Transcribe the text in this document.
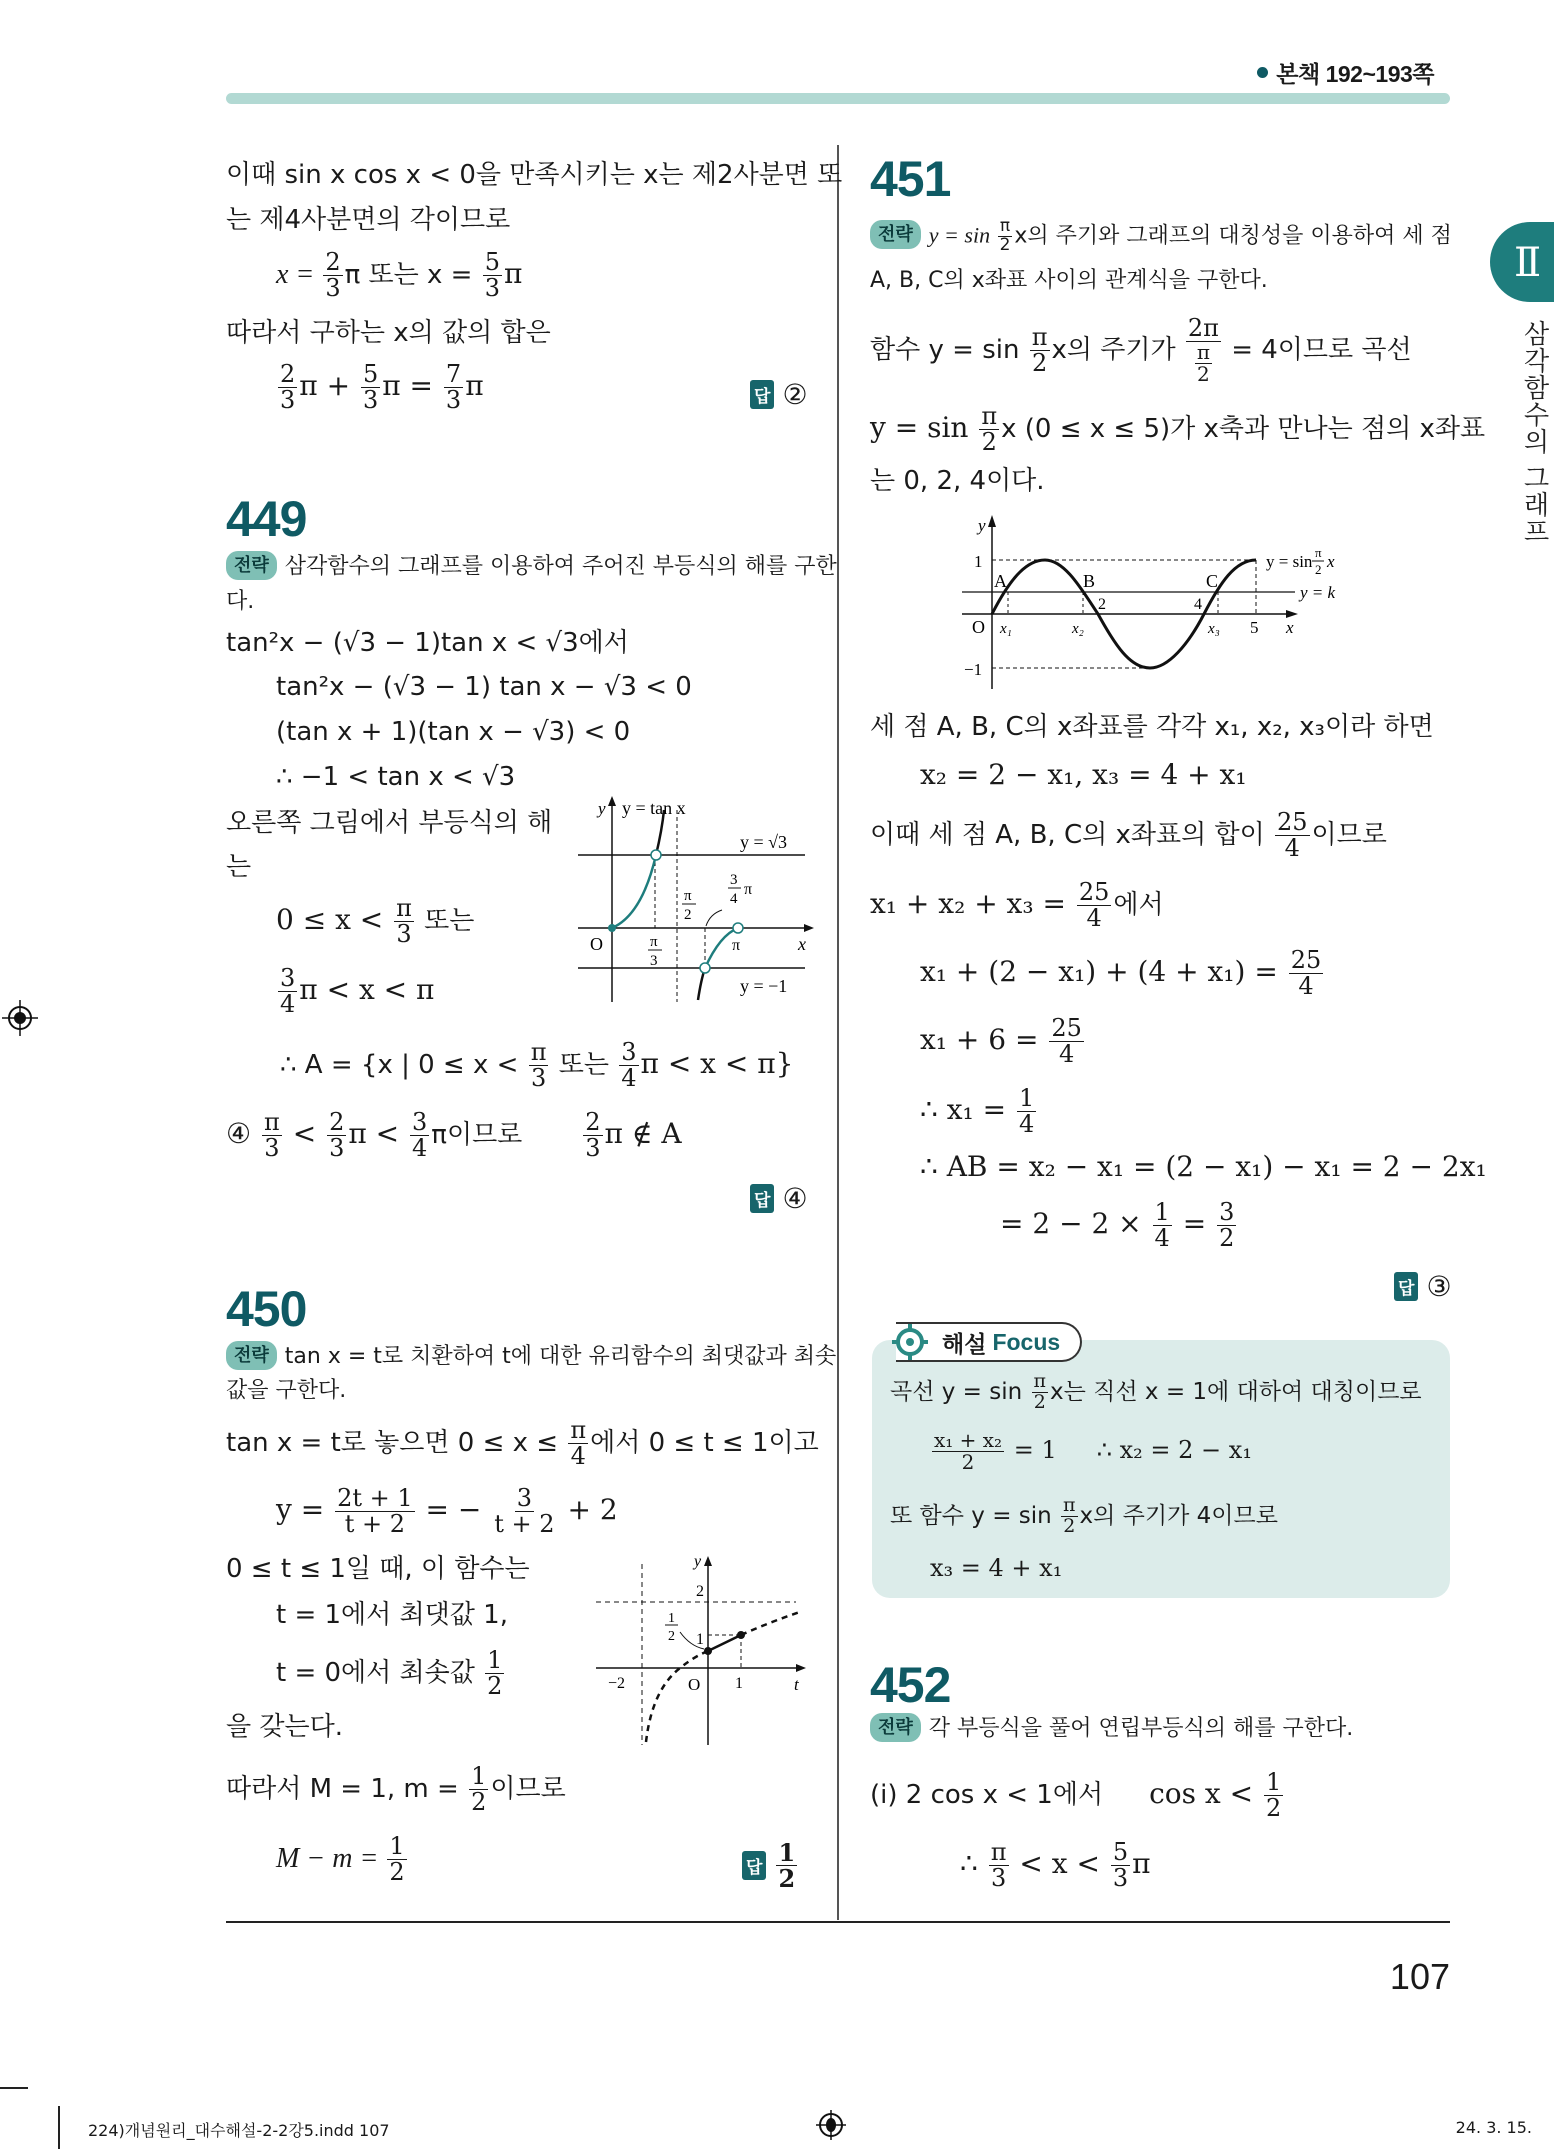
본책 192~193쪽
Ⅱ
삼각함수의 그래프
이때 sin x cos x < 0을 만족시키는 x는 제2사분면 또
는 제4사분면의 각이므로
$x = \frac{2}{3}$ π 또는 $x = \frac{5}{3}$ π
따라서 구하는 x의 값의 합은
$\frac{2}{3}$ $\pi + \frac{5}{3}$ $\pi = \frac{7}{3}$ π	답 ②
449
전략 삼각함수의 그래프를 이용하여 주어진 부등식의 해를 구한
다.
tan²x − (√3 − 1)tan x < √3에서
tan²x − (√3 − 1) tan x − √3 < 0
(tan x + 1)(tan x − √3) < 0
∴ −1 < tan x < √3
오른쪽 그림에서 부등식의 해
는
$0 \le x < \frac{\pi}{3}$ 또는
$\frac{3}{4}$ π < x < π
y y = tan x
y = √3
y = −1
O	x
π
3
π
2
3
4
π
π
∴ A = {x | $0 \le x < \frac{\pi}{3}$ 또는 $\frac{3}{4}$ π < x < π}
④ $\frac{\pi}{3} < \frac{2}{3}$ $\pi < \frac{3}{4}$ π이므로	$\frac{2}{3}$ π ∉ A
답 ④
450
전략 tan x = t로 치환하여 t에 대한 유리함수의 최댓값과 최솟
값을 구한다.
tan x = t로 놓으면 $0 \le x \le \frac{\pi}{4}$ 에서 0 ≤ t ≤ 1이고
$y = \frac{2t + 1}{t + 2}$ = − $\frac{3}{t + 2} + 2$
0 ≤ t ≤ 1일 때, 이 함수는
t = 1에서 최댓값 1,
t = 0에서 최솟값 $\frac{1}{2}$
을 갖는다.
따라서 M = 1, $m = \frac{1}{2}$ 이므로
$M - m = \frac{1}{2}$	답 $\frac{1}{2}$
y
2
1
1
2
−2	O 1	t
451
전략 $y = \sin \frac{\pi}{2}$ x의 주기와 그래프의 대칭성을 이용하여 세 점
A, B, C의 x좌표 사이의 관계식을 구한다.
함수 $y = \sin \frac{\pi}{2}$ x의 주기가 $\frac{2\pi}{\frac{\pi}{2}} = 4$이므로 곡선
$y = \sin \frac{\pi}{2}$ x (0 ≤ x ≤ 5)가 x축과 만나는 점의 x좌표
는 0, 2, 4이다.
y
1
−1
O
A	B	C
2	4
5 x
x₁	x₂	x₃
y = sin π
2 x
y = k
세 점 A, B, C의 x좌표를 각각 x₁, x₂, x₃이라 하면
x₂ = 2 − x₁, x₃ = 4 + x₁
이때 세 점 A, B, C의 x좌표의 합이 $\frac{25}{4}$ 이므로
$x_1 + x_2 + x_3 = \frac{25}{4}$ 에서
$x_1 + (2 - x_1) + (4 + x_1) = \frac{25}{4}$
$x_1 + 6 = \frac{25}{4}$
∴ $x_1 = \frac{1}{4}$
∴ AB = x₂ − x₁ = (2 − x₁) − x₁ = 2 − 2x₁
= $2 - 2 \times \frac{1}{4} = \frac{3}{2}$
답 ③
해설 Focus
곡선 $y = \sin \frac{\pi}{2}$ x는 직선 x = 1에 대하여 대칭이므로
$\frac{\text{x₁ + x₂}}{2} = 1$ ∴ x₂ = 2 − x₁
또 함수 $y = \sin \frac{\pi}{2}$ x의 주기가 4이므로
x₃ = 4 + x₁
452
전략 각 부등식을 풀어 연립부등식의 해를 구한다.
(i) 2 cos x < 1에서 $\cos x < \frac{1}{2}$
∴ $\frac{\pi}{3} < x < \frac{5}{3}$ π
107
224)개념원리_대수해설-2-2강5.indd 107	24. 3. 15.
